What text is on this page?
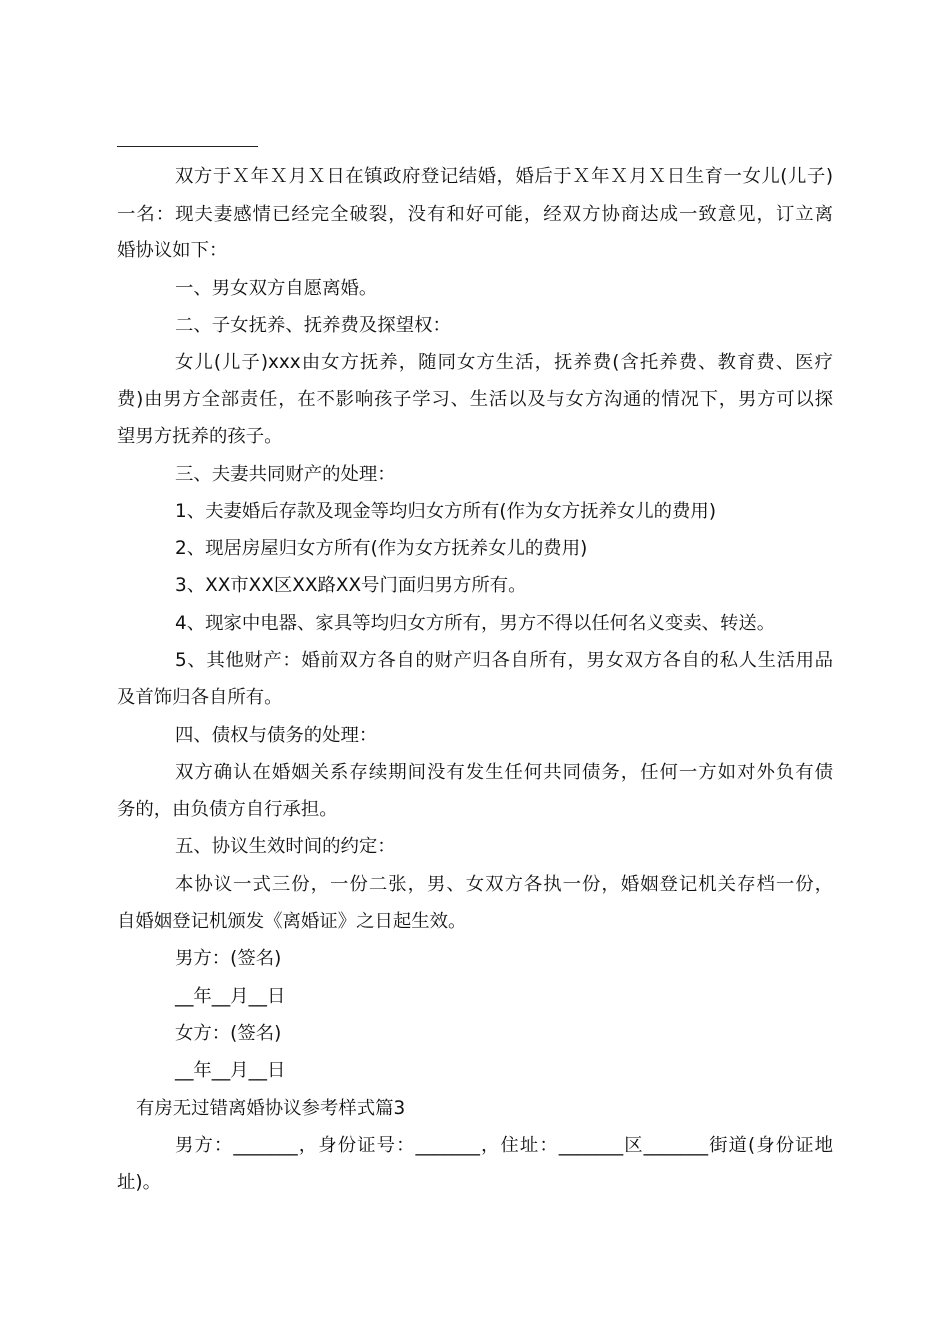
双方于Ｘ年Ｘ月Ｘ日在镇政府登记结婚，婚后于Ｘ年Ｘ月Ｘ日生育一女儿(儿子)
一名：现夫妻感情已经完全破裂，没有和好可能，经双方协商达成一致意见，订立离
婚协议如下：
一、男女双方自愿离婚。
二、子女抚养、抚养费及探望权：
女儿(儿子)xxx由女方抚养，随同女方生活，抚养费(含托养费、教育费、医疗
费)由男方全部责任，在不影响孩子学习、生活以及与女方沟通的情况下，男方可以探
望男方抚养的孩子。
三、夫妻共同财产的处理：
1、夫妻婚后存款及现金等均归女方所有(作为女方抚养女儿的费用)
2、现居房屋归女方所有(作为女方抚养女儿的费用)
3、XX市XX区XX路XX号门面归男方所有。
4、现家中电器、家具等均归女方所有，男方不得以任何名义变卖、转送。
5、其他财产：婚前双方各自的财产归各自所有，男女双方各自的私人生活用品
及首饰归各自所有。
四、债权与债务的处理：
双方确认在婚姻关系存续期间没有发生任何共同债务，任何一方如对外负有债
务的，由负债方自行承担。
五、协议生效时间的约定：
本协议一式三份，一份二张，男、女双方各执一份，婚姻登记机关存档一份，
自婚姻登记机颁发《离婚证》之日起生效。
男方：(签名)
__年__月__日
女方：(签名)
__年__月__日
有房无过错离婚协议参考样式篇3
男方：_______，身份证号：_______，住址：_______区_______街道(身份证地
址)。
